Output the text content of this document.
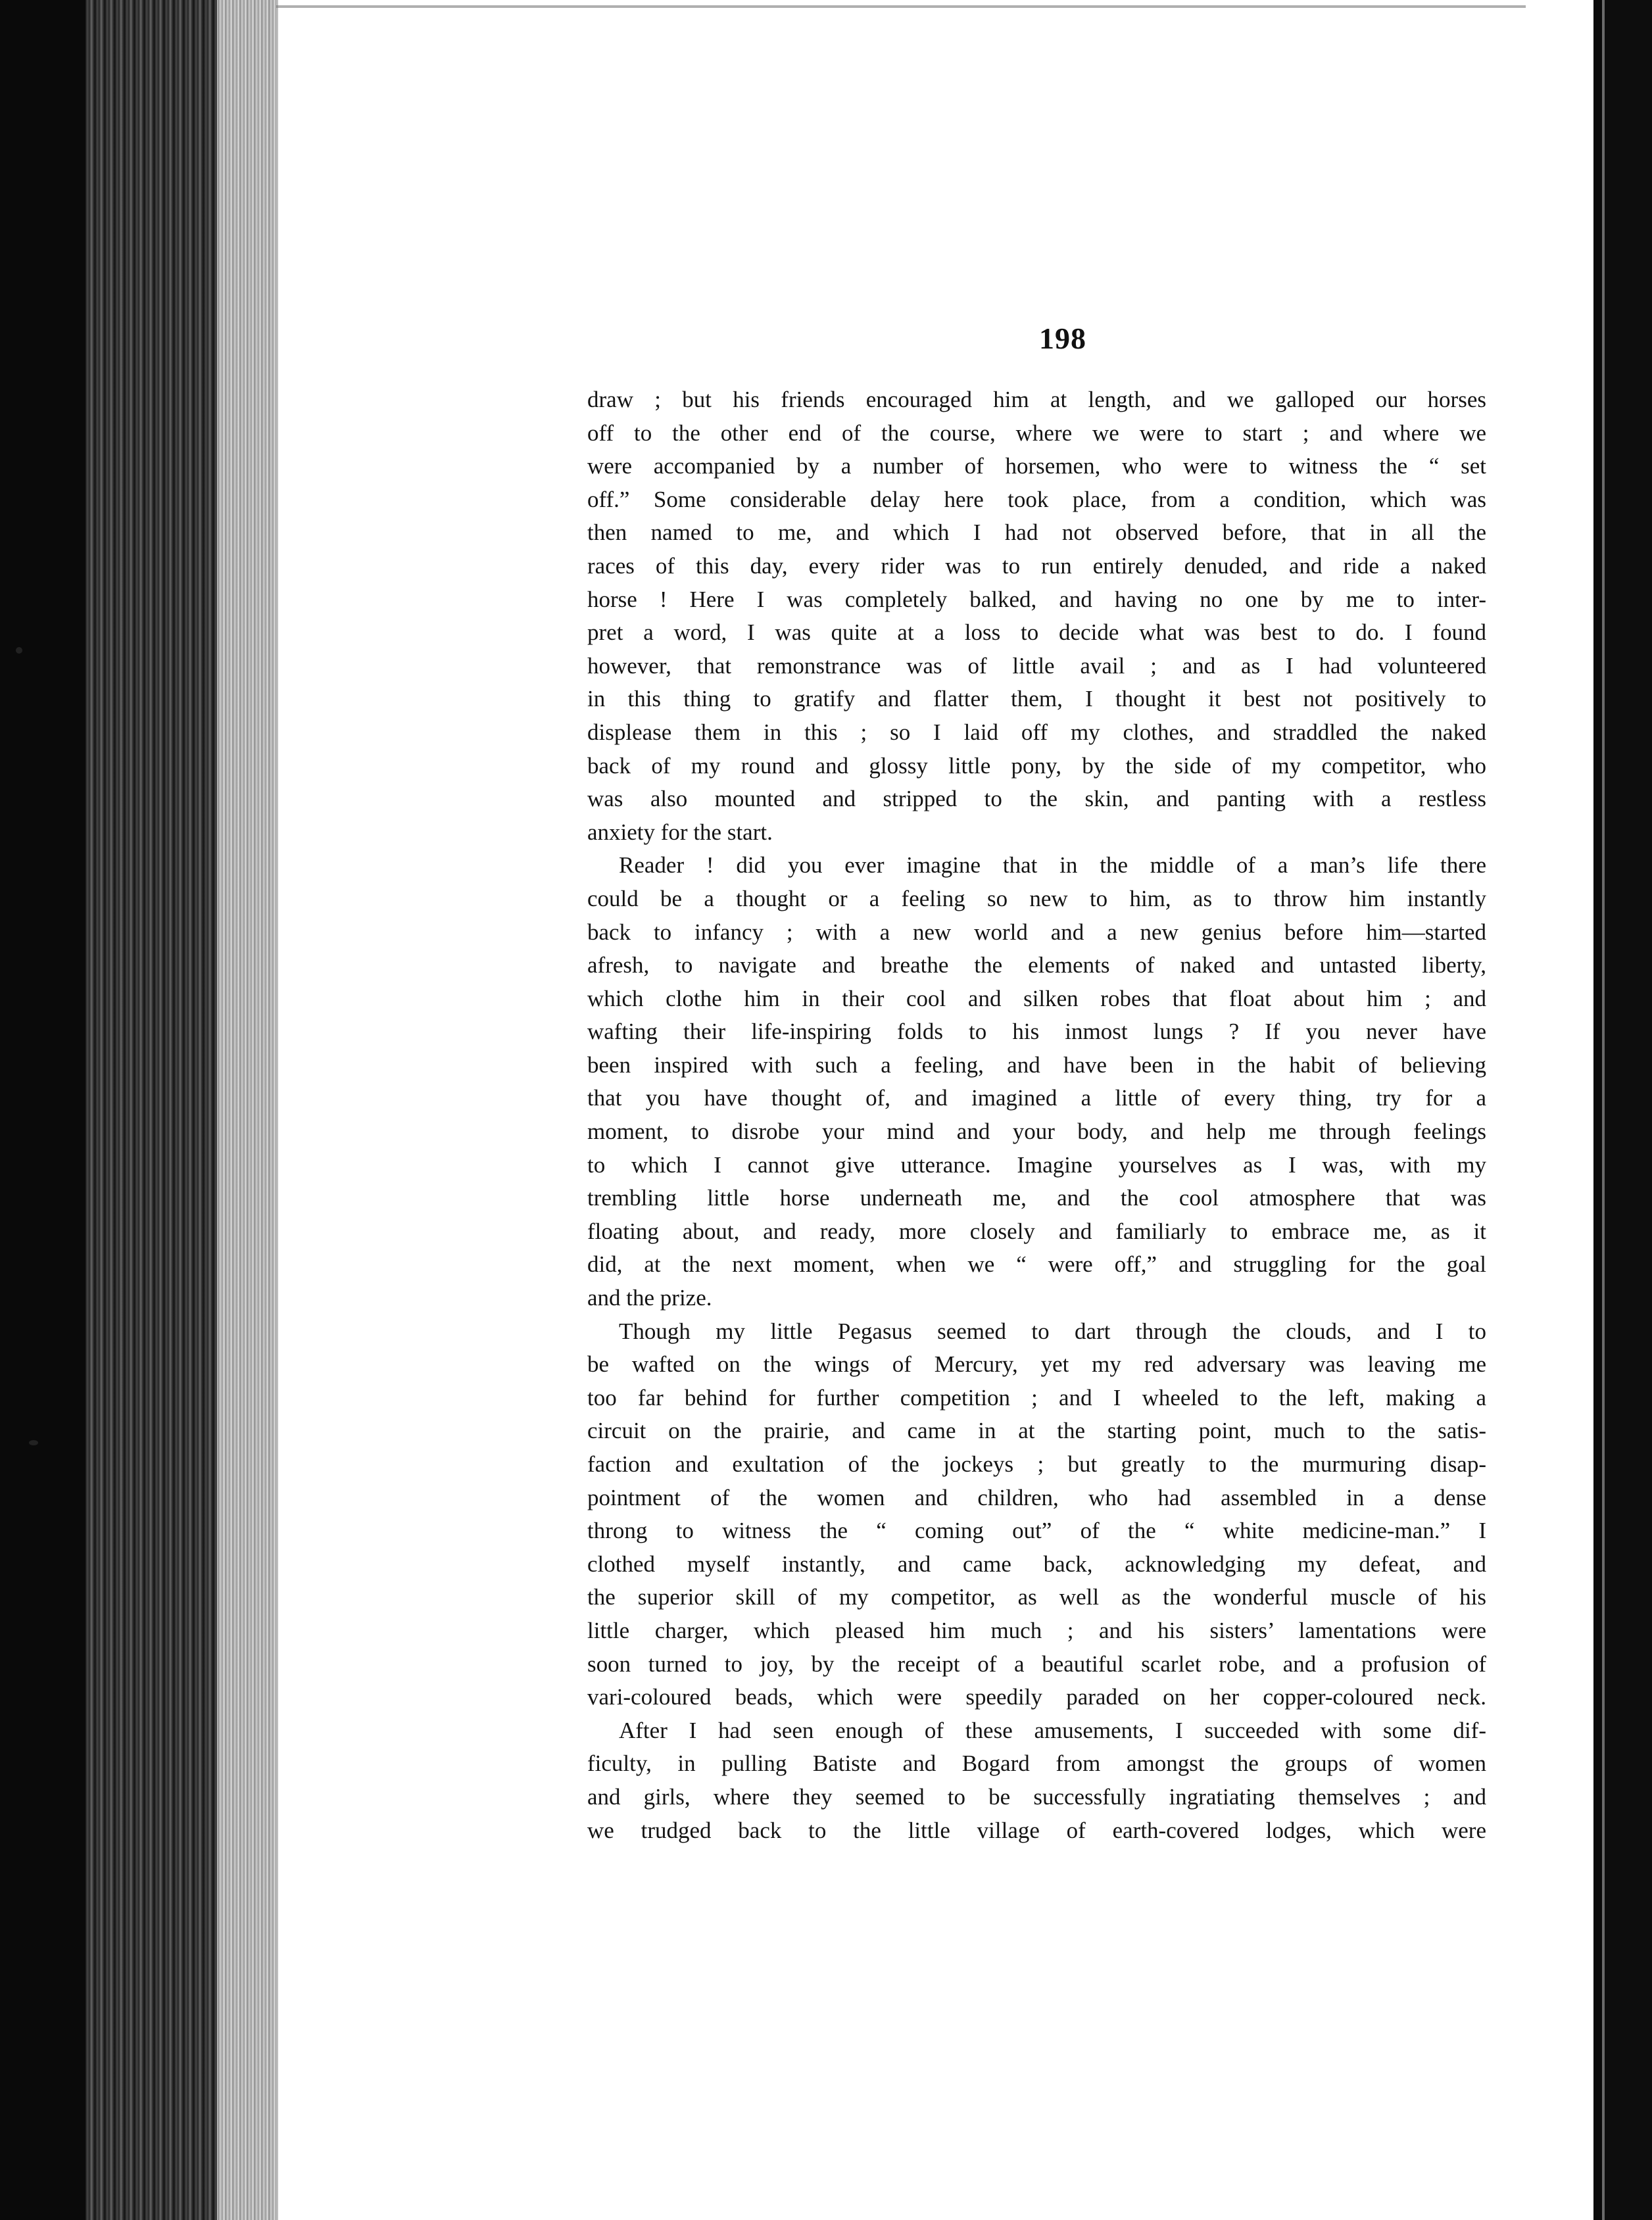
198
draw ; but his friends encouraged him at length, and we galloped our horses
off to the other end of the course, where we were to start ; and where we
were accompanied by a number of horsemen, who were to witness the “ set
off.” Some considerable delay here took place, from a condition, which was
then named to me, and which I had not observed before, that in all the
races of this day, every rider was to run entirely denuded, and ride a naked
horse ! Here I was completely balked, and having no one by me to inter-
pret a word, I was quite at a loss to decide what was best to do. I found
however, that remonstrance was of little avail ; and as I had volunteered
in this thing to gratify and flatter them, I thought it best not positively to
displease them in this ; so I laid off my clothes, and straddled the naked
back of my round and glossy little pony, by the side of my competitor, who
was also mounted and stripped to the skin, and panting with a restless
anxiety for the start.
Reader ! did you ever imagine that in the middle of a man’s life there
could be a thought or a feeling so new to him, as to throw him instantly
back to infancy ; with a new world and a new genius before him—started
afresh, to navigate and breathe the elements of naked and untasted liberty,
which clothe him in their cool and silken robes that float about him ; and
wafting their life-inspiring folds to his inmost lungs ? If you never have
been inspired with such a feeling, and have been in the habit of believing
that you have thought of, and imagined a little of every thing, try for a
moment, to disrobe your mind and your body, and help me through feelings
to which I cannot give utterance. Imagine yourselves as I was, with my
trembling little horse underneath me, and the cool atmosphere that was
floating about, and ready, more closely and familiarly to embrace me, as it
did, at the next moment, when we “ were off,” and struggling for the goal
and the prize.
Though my little Pegasus seemed to dart through the clouds, and I to
be wafted on the wings of Mercury, yet my red adversary was leaving me
too far behind for further competition ; and I wheeled to the left, making a
circuit on the prairie, and came in at the starting point, much to the satis-
faction and exultation of the jockeys ; but greatly to the murmuring disap-
pointment of the women and children, who had assembled in a dense
throng to witness the “ coming out” of the “ white medicine-man.” I
clothed myself instantly, and came back, acknowledging my defeat, and
the superior skill of my competitor, as well as the wonderful muscle of his
little charger, which pleased him much ; and his sisters’ lamentations were
soon turned to joy, by the receipt of a beautiful scarlet robe, and a profusion of
vari-coloured beads, which were speedily paraded on her copper-coloured neck.
After I had seen enough of these amusements, I succeeded with some dif-
ficulty, in pulling Batiste and Bogard from amongst the groups of women
and girls, where they seemed to be successfully ingratiating themselves ; and
we trudged back to the little village of earth-covered lodges, which were
